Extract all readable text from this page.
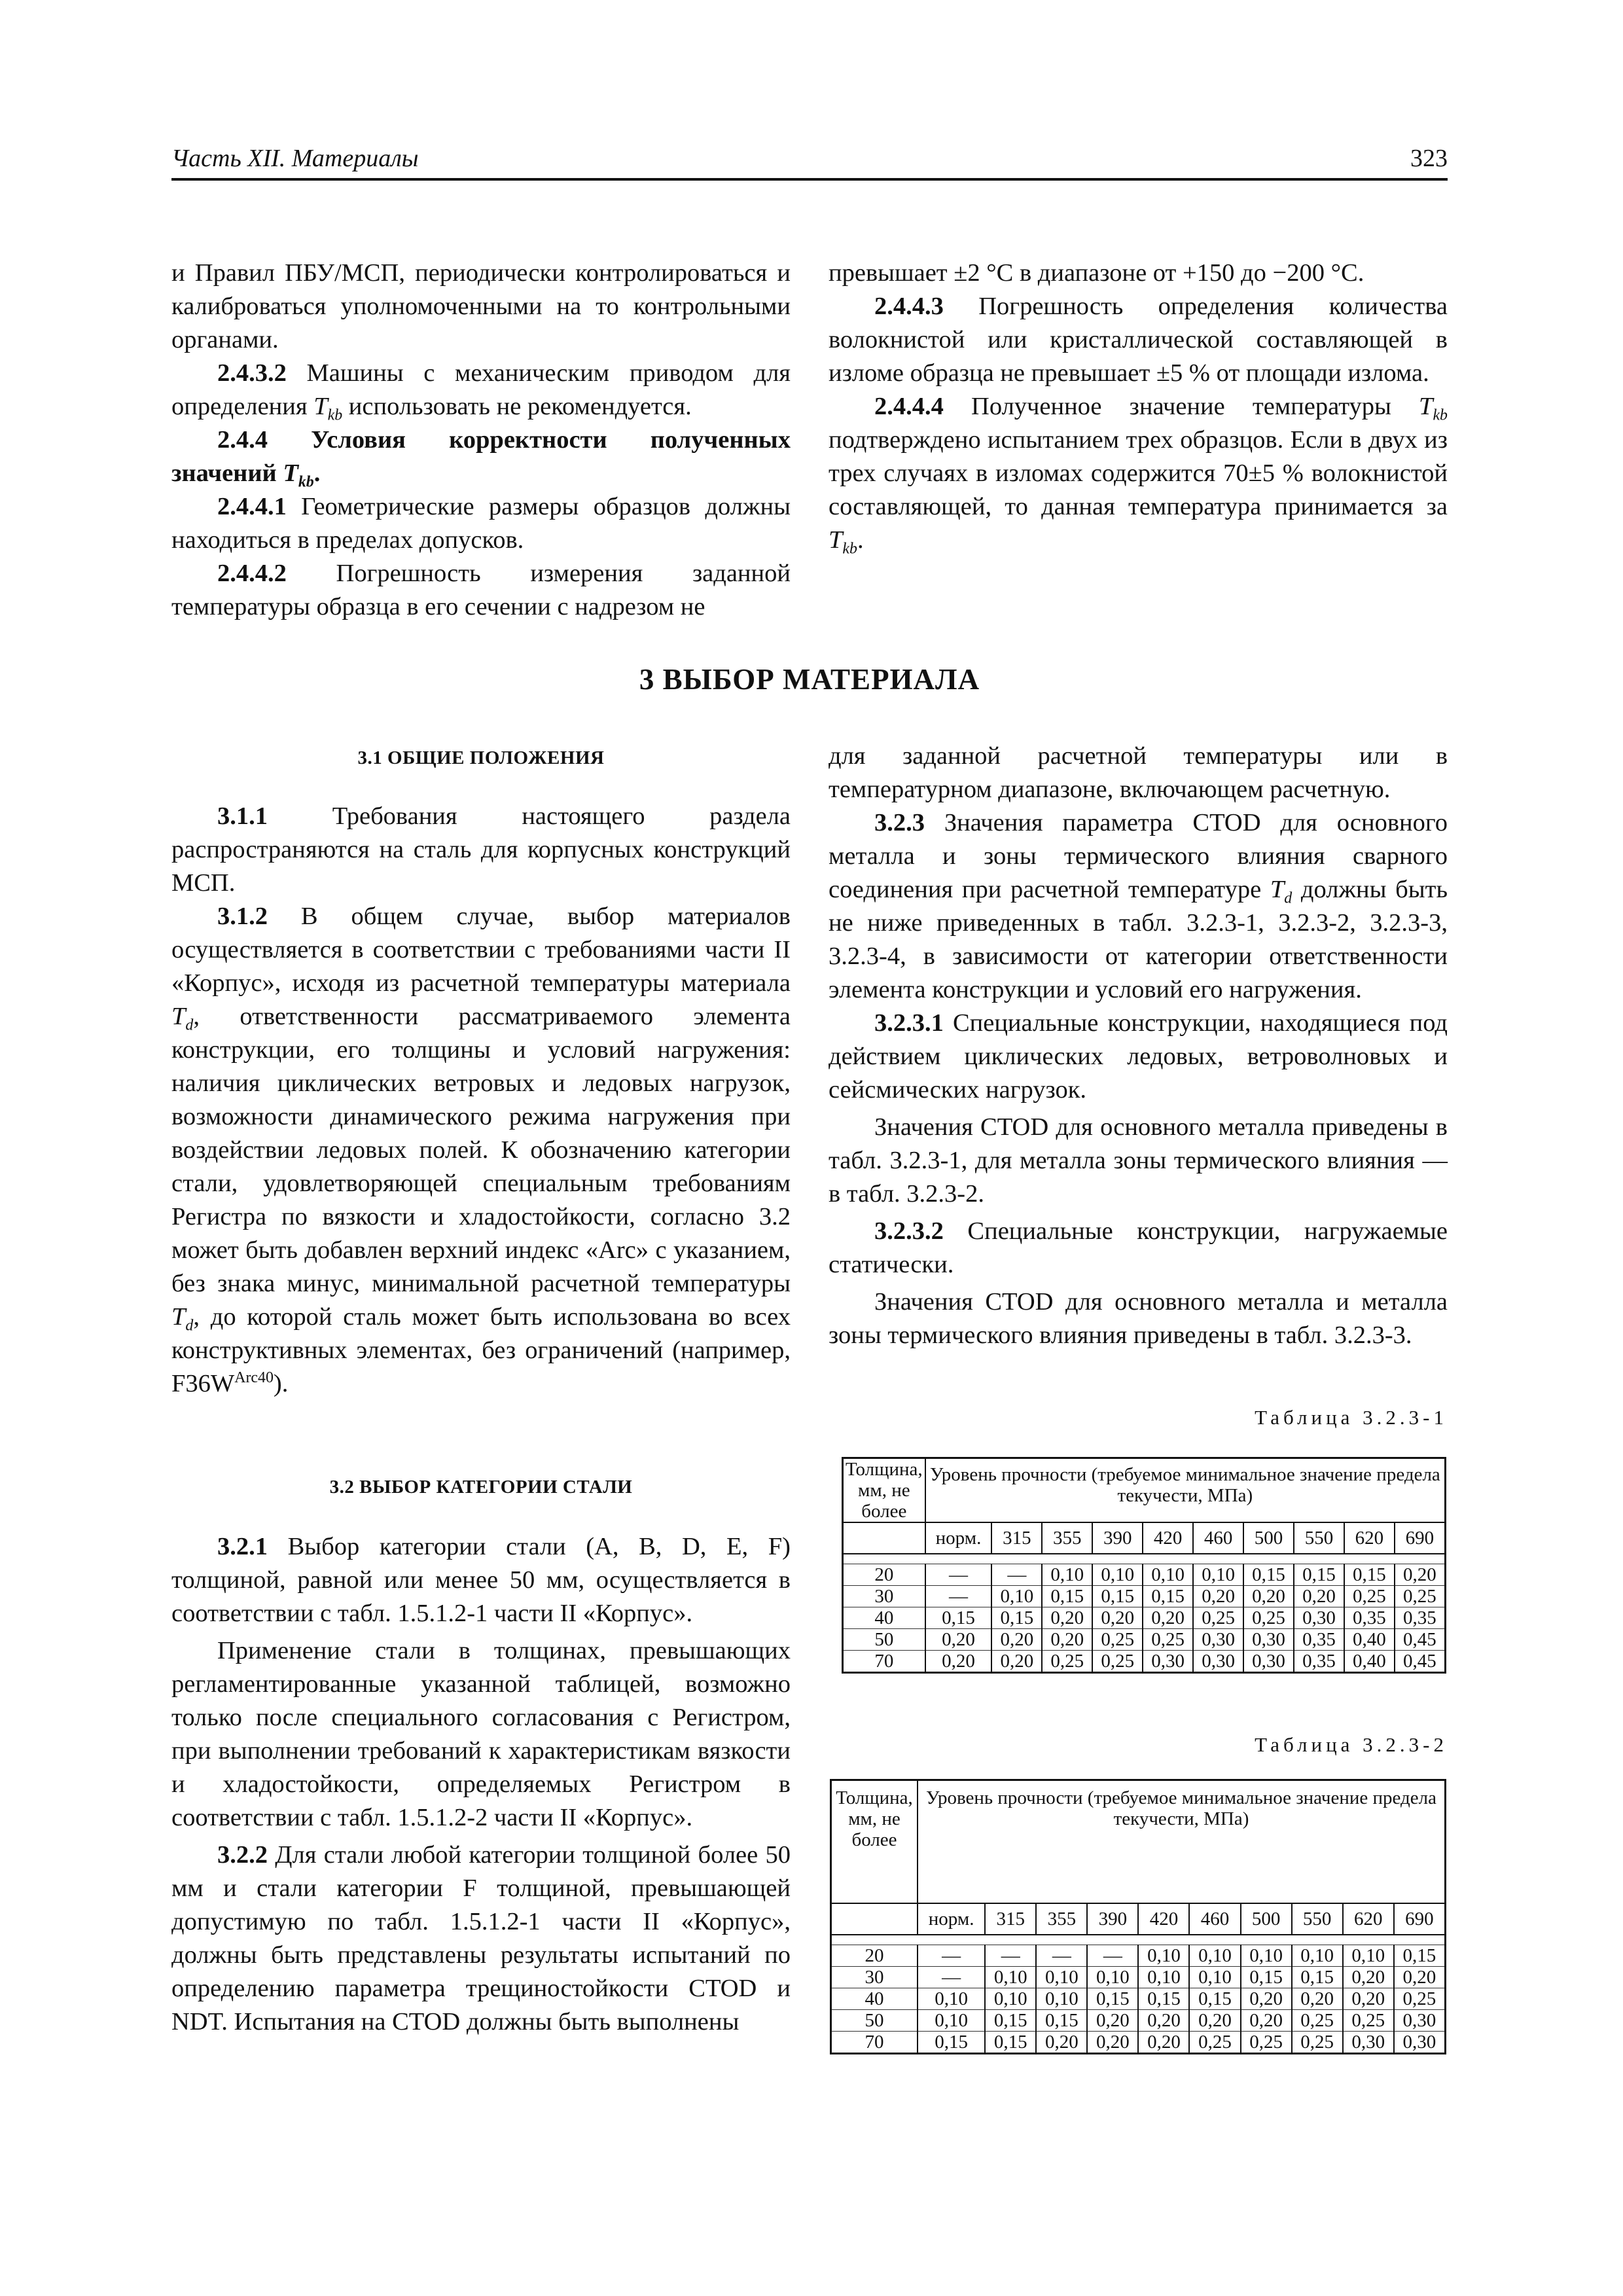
Часть XII. Материалы	323

и Правил ПБУ/МСП, периодически контролироваться и калиброваться уполномоченными на то контрольными органами.

2.4.3.2 Машины с механическим приводом для определения $T_{kb}$ использовать не рекомендуется.

2.4.4 Условия корректности полученных значений $T_{kb}$.

2.4.4.1 Геометрические размеры образцов должны находиться в пределах допусков.

2.4.4.2 Погрешность измерения заданной температуры образца в его сечении с надрезом не

превышает ±2 °C в диапазоне от +150 до −200 °C.

2.4.4.3 Погрешность определения количества волокнистой или кристаллической составляющей в изломе образца не превышает ±5 % от площади излома.

2.4.4.4 Полученное значение температуры $T_{kb}$ подтверждено испытанием трех образцов. Если в двух из трех случаях в изломах содержится 70±5 % волокнистой составляющей, то данная температура принимается за $T_{kb}$.

3 ВЫБОР МАТЕРИАЛА

3.1 ОБЩИЕ ПОЛОЖЕНИЯ

3.1.1 Требования настоящего раздела распространяются на сталь для корпусных конструкций МСП.

3.1.2 В общем случае, выбор материалов осуществляется в соответствии с требованиями части II «Корпус», исходя из расчетной температуры материала $T_d$, ответственности рассматриваемого элемента конструкции, его толщины и условий нагружения: наличия циклических ветровых и ледовых нагрузок, возможности динамического режима нагружения при воздействии ледовых полей. К обозначению категории стали, удовлетворяющей специальным требованиям Регистра по вязкости и хладостойкости, согласно 3.2 может быть добавлен верхний индекс «Arc» с указанием, без знака минус, минимальной расчетной температуры $T_d$, до которой сталь может быть использована во всех конструктивных элементах, без ограничений (например, $F36W^{Arc40}$).

3.2 ВЫБОР КАТЕГОРИИ СТАЛИ

3.2.1 Выбор категории стали (A, B, D, E, F) толщиной, равной или менее 50 мм, осуществляется в соответствии с табл. 1.5.1.2-1 части II «Корпус».

Применение стали в толщинах, превышающих регламентированные указанной таблицей, возможно только после специального согласования с Регистром, при выполнении требований к характеристикам вязкости и хладостойкости, определяемых Регистром в соответствии с табл. 1.5.1.2-2 части II «Корпус».

3.2.2 Для стали любой категории толщиной более 50 мм и стали категории F толщиной, превышающей допустимую по табл. 1.5.1.2-1 части II «Корпус», должны быть представлены результаты испытаний по определению параметра трещиностойкости CTOD и NDT. Испытания на CTOD должны быть выполнены

для заданной расчетной температуры или в температурном диапазоне, включающем расчетную.

3.2.3 Значения параметра CTOD для основного металла и зоны термического влияния сварного соединения при расчетной температуре $T_d$ должны быть не ниже приведенных в табл. 3.2.3-1, 3.2.3-2, 3.2.3-3, 3.2.3-4, в зависимости от категории ответственности элемента конструкции и условий его нагружения.

3.2.3.1 Специальные конструкции, находящиеся под действием циклических ледовых, ветроволновых и сейсмических нагрузок.

Значения CTOD для основного металла приведены в табл. 3.2.3-1, для металла зоны термического влияния — в табл. 3.2.3-2.

3.2.3.2 Специальные конструкции, нагружаемые статически.

Значения CTOD для основного металла и металла зоны термического влияния приведены в табл. 3.2.3-3.

Таблица 3.2.3-1

Толщина, мм, не более	Уровень прочности (требуемое минимальное значение предела текучести, МПа)									
	норм.	315	355	390	420	460	500	550	620	690

20	—	—	0,10	0,10	0,10	0,10	0,15	0,15	0,15	0,20
30	—	0,10	0,15	0,15	0,15	0,20	0,20	0,20	0,25	0,25
40	0,15	0,15	0,20	0,20	0,20	0,25	0,25	0,30	0,35	0,35
50	0,20	0,20	0,20	0,25	0,25	0,30	0,30	0,35	0,40	0,45
70	0,20	0,20	0,25	0,25	0,30	0,30	0,30	0,35	0,40	0,45

Таблица 3.2.3-2

Толщина, мм, не более	Уровень прочности (требуемое минимальное значение предела текучести, МПа)									
	норм.	315	355	390	420	460	500	550	620	690

20	—	—	—	—	0,10	0,10	0,10	0,10	0,10	0,15
30	—	0,10	0,10	0,10	0,10	0,10	0,15	0,15	0,20	0,20
40	0,10	0,10	0,10	0,15	0,15	0,15	0,20	0,20	0,20	0,25
50	0,10	0,15	0,15	0,20	0,20	0,20	0,20	0,25	0,25	0,30
70	0,15	0,15	0,20	0,20	0,20	0,25	0,25	0,25	0,30	0,30
